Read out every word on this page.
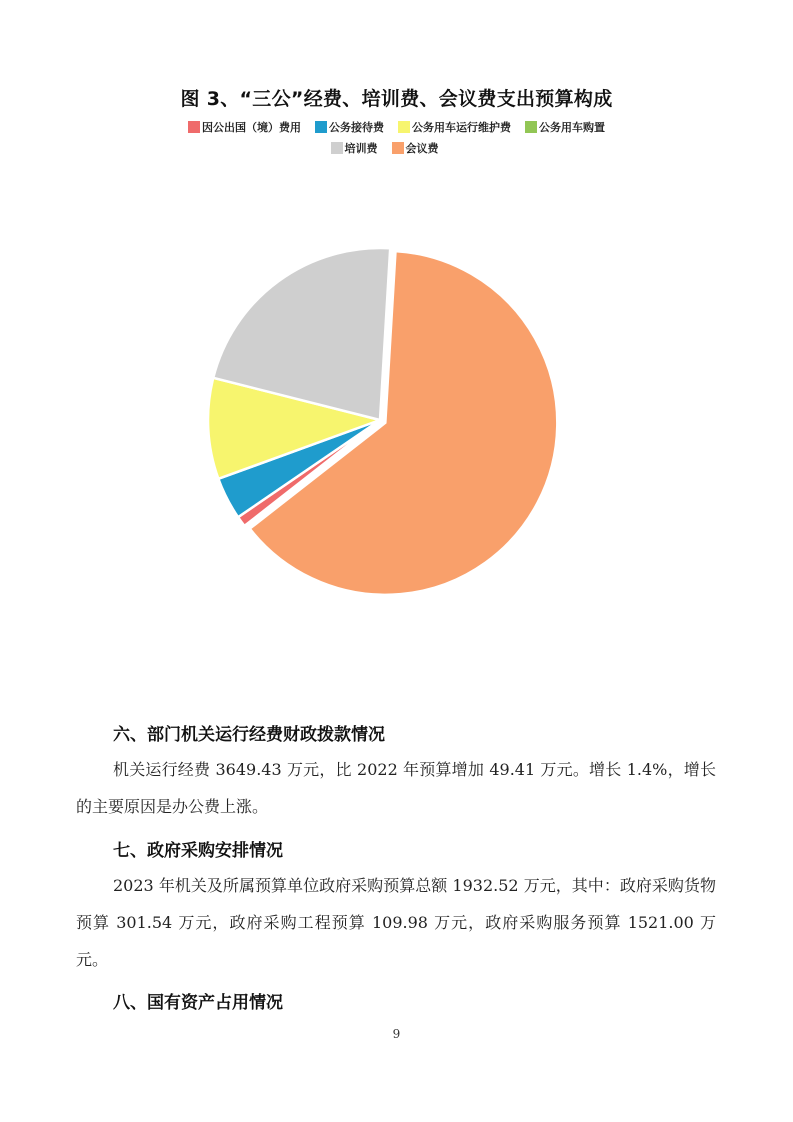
图 3、“三公”经费、培训费、会议费支出预算构成
因公出国（境）费用	公务接待费	公务用车运行维护费	公务用车购置
培训费	会议费
六、部门机关运行经费财政拨款情况
机关运行经费 3649.43 万元，比 2022 年预算增加 49.41 万元。增长 1.4%，增长的主要原因是办公费上涨。
七、政府采购安排情况
2023 年机关及所属预算单位政府采购预算总额 1932.52 万元，其中：政府采购货物预算 301.54 万元，政府采购工程预算 109.98 万元，政府采购服务预算 1521.00 万元。
八、国有资产占用情况
9
